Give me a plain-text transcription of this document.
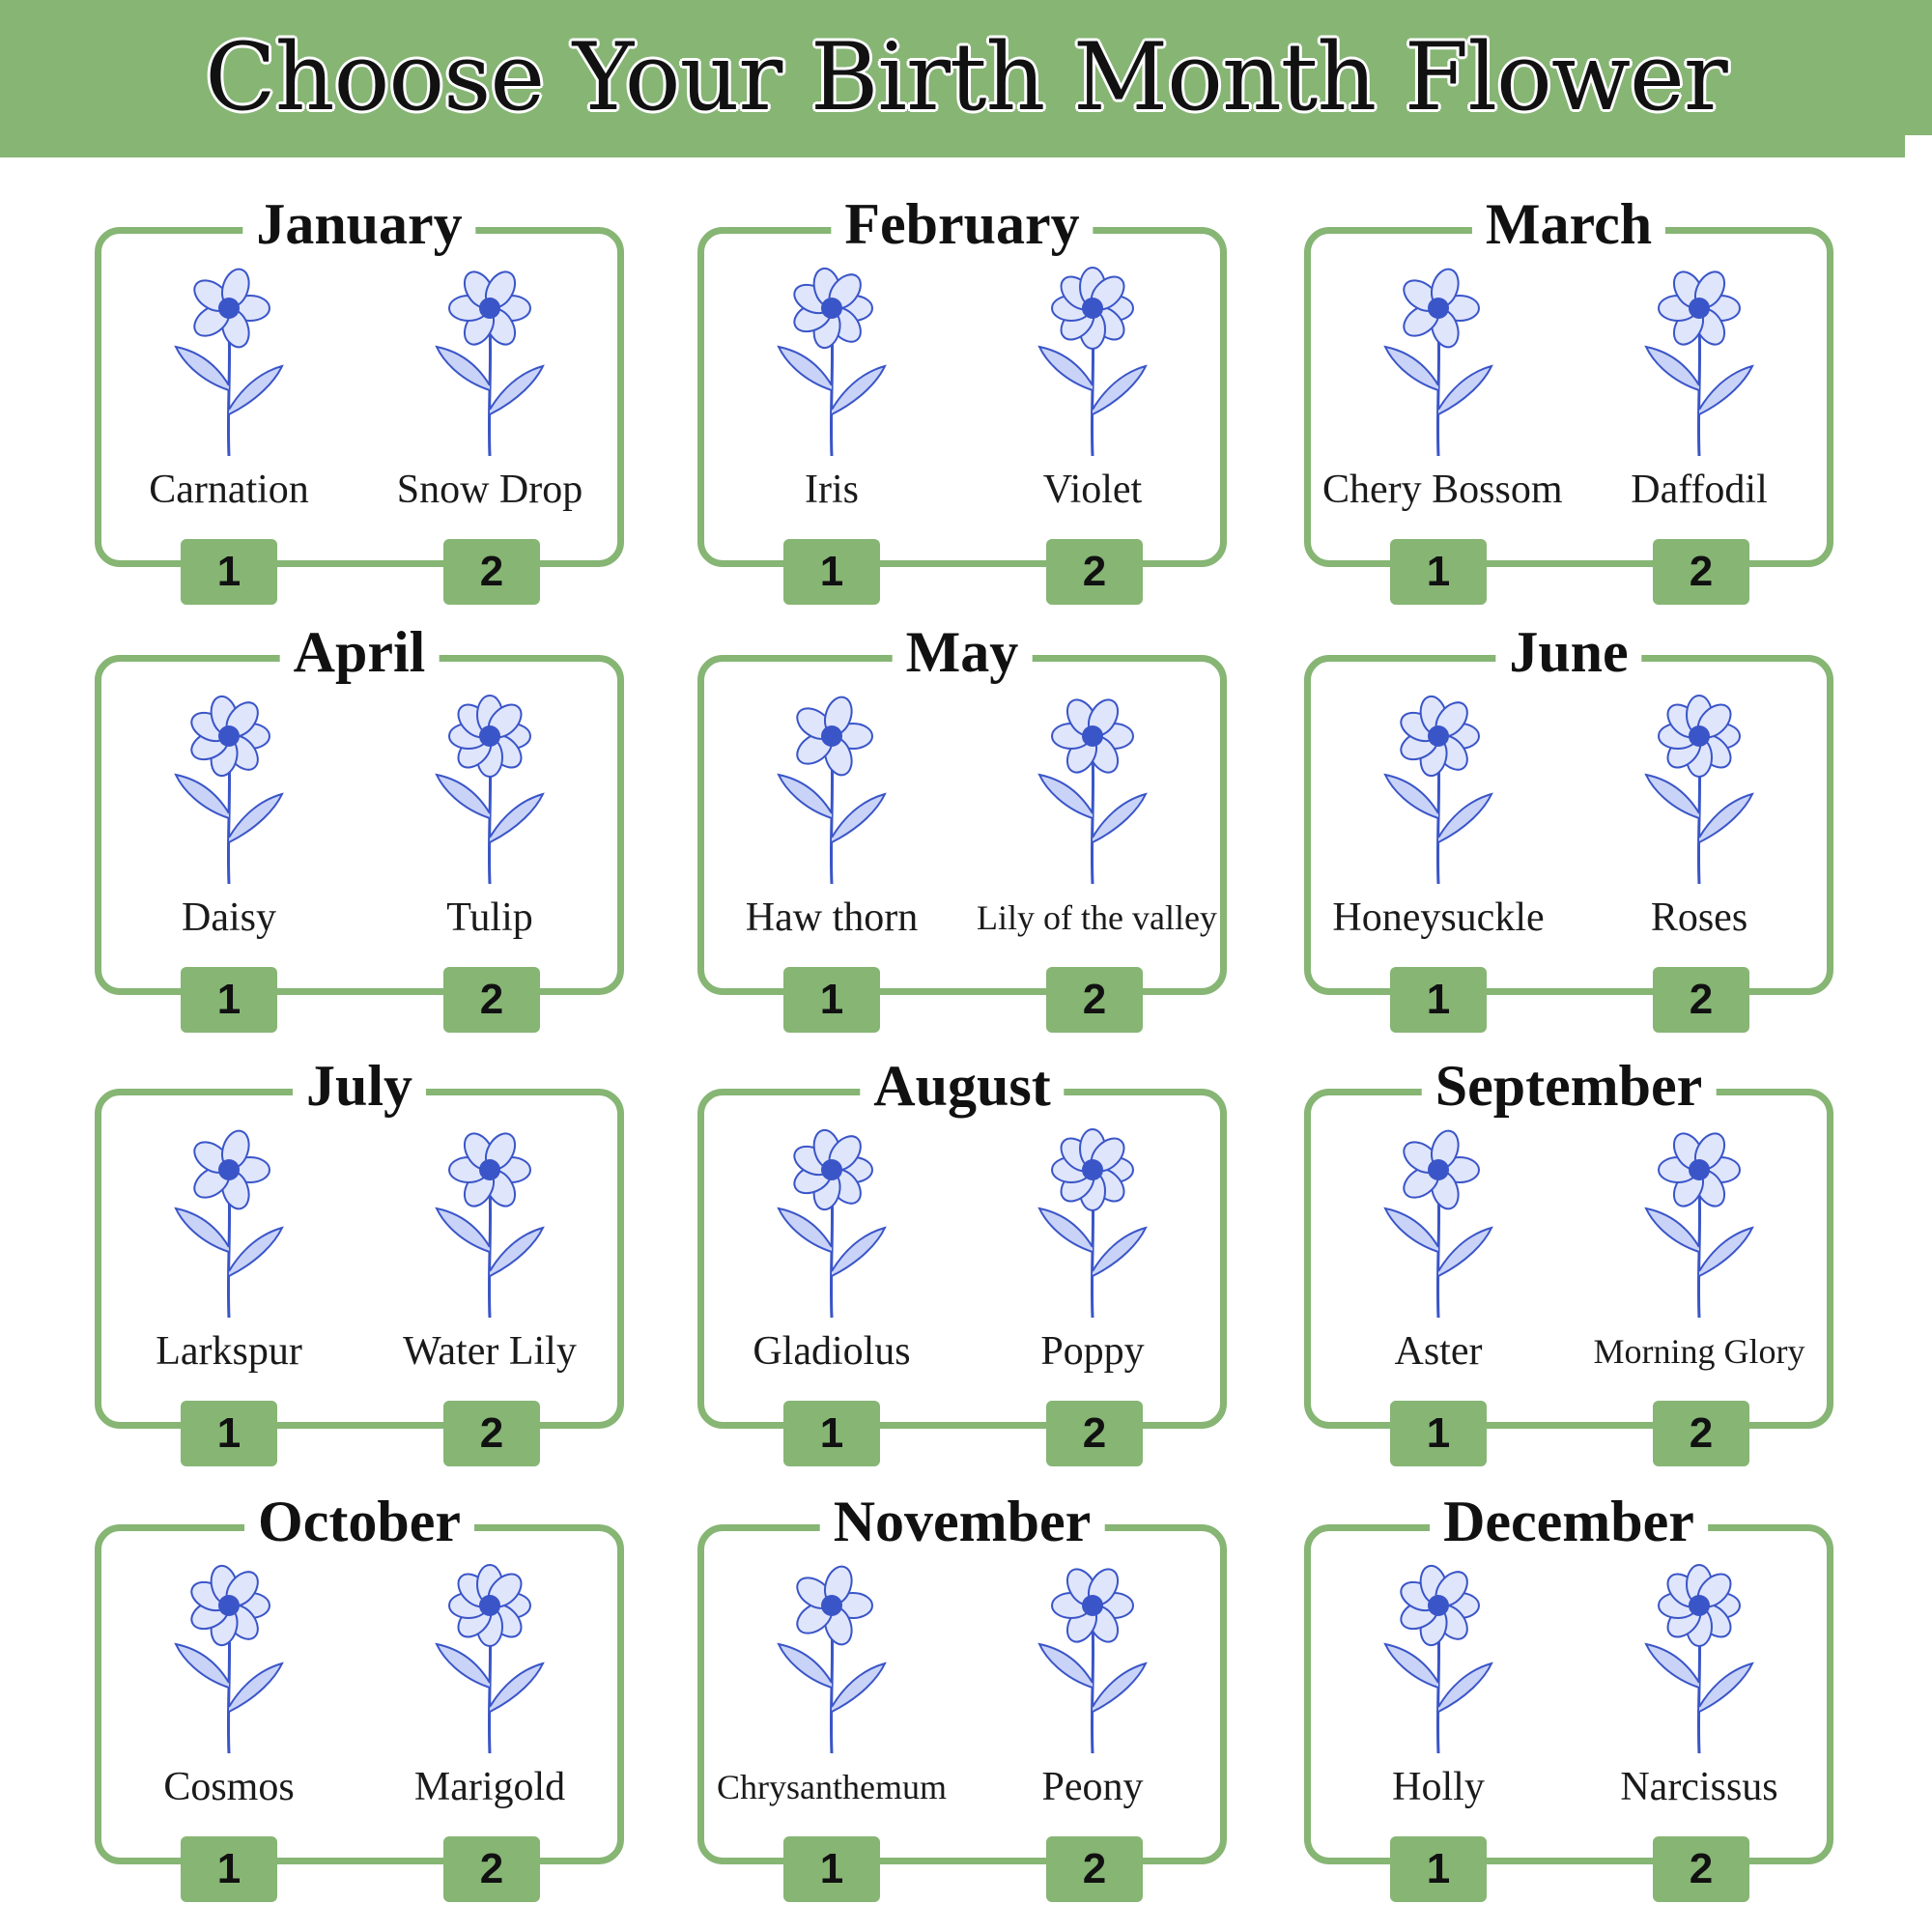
Choose Your Birth Month Flower
January
Carnation
1
Snow Drop
2
February
Iris
1
Violet
2
March
Chery Bossom
1
Daffodil
2
April
Daisy
1
Tulip
2
May
Haw thorn
1
Lily of the valley
2
June
Honeysuckle
1
Roses
2
July
Larkspur
1
Water Lily
2
August
Gladiolus
1
Poppy
2
September
Aster
1
Morning Glory
2
October
Cosmos
1
Marigold
2
November
Chrysanthemum
1
Peony
2
December
Holly
1
Narcissus
2
